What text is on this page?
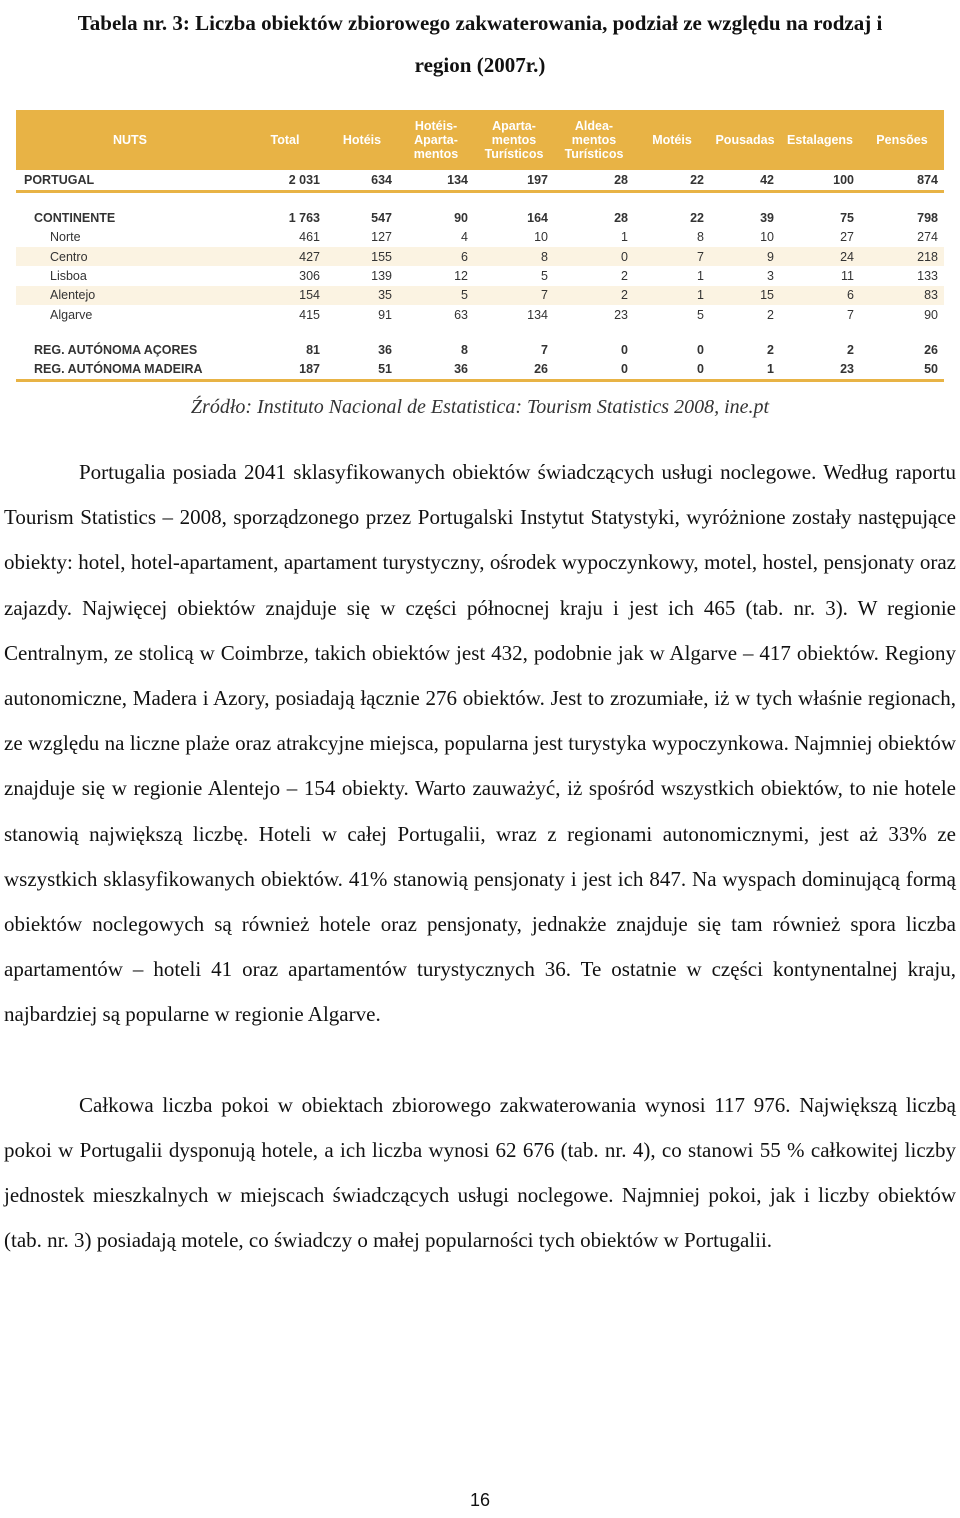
Tabela nr. 3: Liczba obiektów zbiorowego zakwaterowania, podział ze względu na rodzaj i
region (2007r.)
NUTS	Total	Hotéis	Hotéis-Aparta-mentos	Aparta-mentos Turísticos	Aldea-mentos Turísticos	Motéis	Pousadas	Estalagens	Pensões
PORTUGAL	2 031	634	134	197	28	22	42	100	874

CONTINENTE	1 763	547	90	164	28	22	39	75	798
Norte	461	127	4	10	1	8	10	27	274
Centro	427	155	6	8	0	7	9	24	218
Lisboa	306	139	12	5	2	1	3	11	133
Alentejo	154	35	5	7	2	1	15	6	83
Algarve	415	91	63	134	23	5	2	7	90

REG. AUTÓNOMA AÇORES	81	36	8	7	0	0	2	2	26
REG. AUTÓNOMA MADEIRA	187	51	36	26	0	0	1	23	50
Źródło: Instituto Nacional de Estatistica: Tourism Statistics 2008, ine.pt

Portugalia posiada 2041 sklasyfikowanych obiektów świadczących usługi noclegowe. Według raportu Tourism Statistics – 2008, sporządzonego przez Portugalski Instytut Statystyki, wyróżnione zostały następujące obiekty: hotel, hotel-apartament, apartament turystyczny, ośrodek wypoczynkowy, motel, hostel, pensjonaty oraz zajazdy. Najwięcej obiektów znajduje się w części północnej kraju i jest ich 465 (tab. nr. 3). W regionie Centralnym, ze stolicą w Coimbrze, takich obiektów jest 432, podobnie jak w Algarve – 417 obiektów. Regiony autonomiczne, Madera i Azory, posiadają łącznie 276 obiektów. Jest to zrozumiałe, iż w tych właśnie regionach, ze względu na liczne plaże oraz atrakcyjne miejsca, popularna jest turystyka wypoczynkowa. Najmniej obiektów znajduje się w regionie Alentejo – 154 obiekty. Warto zauważyć, iż spośród wszystkich obiektów, to nie hotele stanowią największą liczbę. Hoteli w całej Portugalii, wraz z regionami autonomicznymi, jest aż 33% ze wszystkich sklasyfikowanych obiektów. 41% stanowią pensjonaty i jest ich 847. Na wyspach dominującą formą obiektów noclegowych są również hotele oraz pensjonaty, jednakże znajduje się tam również spora liczba apartamentów – hoteli 41 oraz apartamentów turystycznych 36. Te ostatnie w części kontynentalnej kraju, najbardziej są popularne w regionie Algarve.

Całkowa liczba pokoi w obiektach zbiorowego zakwaterowania wynosi 117 976. Największą liczbą pokoi w Portugalii dysponują hotele, a ich liczba wynosi 62 676 (tab. nr. 4), co stanowi 55 % całkowitej liczby jednostek mieszkalnych w miejscach świadczących usługi noclegowe. Najmniej pokoi, jak i liczby obiektów (tab. nr. 3) posiadają motele, co świadczy o małej popularności tych obiektów w Portugalii.

16
